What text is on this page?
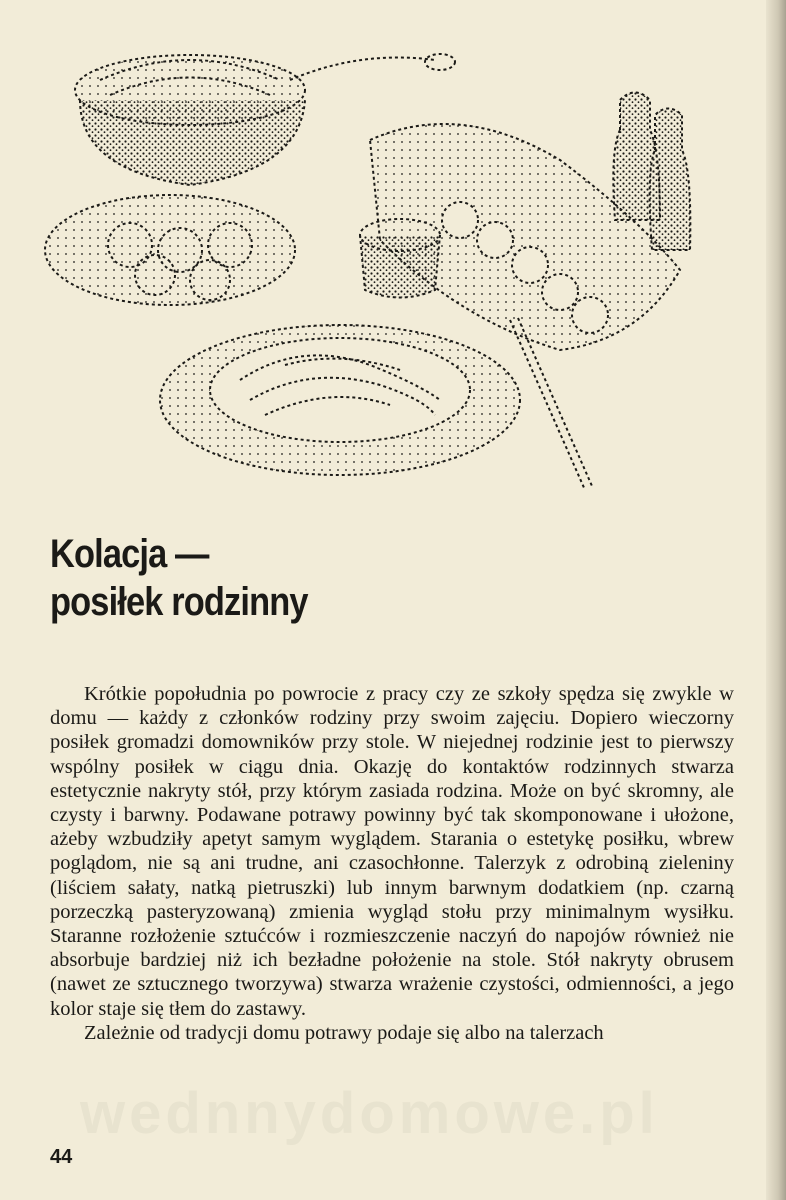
Kolacja —
posiłek rodzinny

Krótkie popołudnia po powrocie z pracy czy ze szkoły spędza się zwykle w domu — każdy z członków rodziny przy swoim zajęciu. Dopiero wieczorny posiłek gromadzi domowników przy stole. W niejednej rodzinie jest to pierwszy wspólny posiłek w ciągu dnia. Okazję do kontaktów rodzinnych stwarza estetycznie nakryty stół, przy którym zasiada rodzina. Może on być skromny, ale czysty i barwny. Podawane potrawy powinny być tak skomponowane i ułożone, ażeby wzbudziły apetyt samym wyglądem. Starania o estetykę posiłku, wbrew poglądom, nie są ani trudne, ani czasochłonne. Talerzyk z odrobiną zieleniny (liściem sałaty, natką pietruszki) lub innym barwnym dodatkiem (np. czarną porzeczką pasteryzowaną) zmienia wygląd stołu przy minimalnym wysiłku. Staranne rozłożenie sztućców i rozmieszczenie naczyń do napojów również nie absorbuje bardziej niż ich bezładne położenie na stole. Stół nakryty obrusem (nawet ze sztucznego tworzywa) stwarza wrażenie czystości, odmienności, a jego kolor staje się tłem do zastawy.

Zależnie od tradycji domu potrawy podaje się albo na talerzach

wednnydomowe.pl
44
